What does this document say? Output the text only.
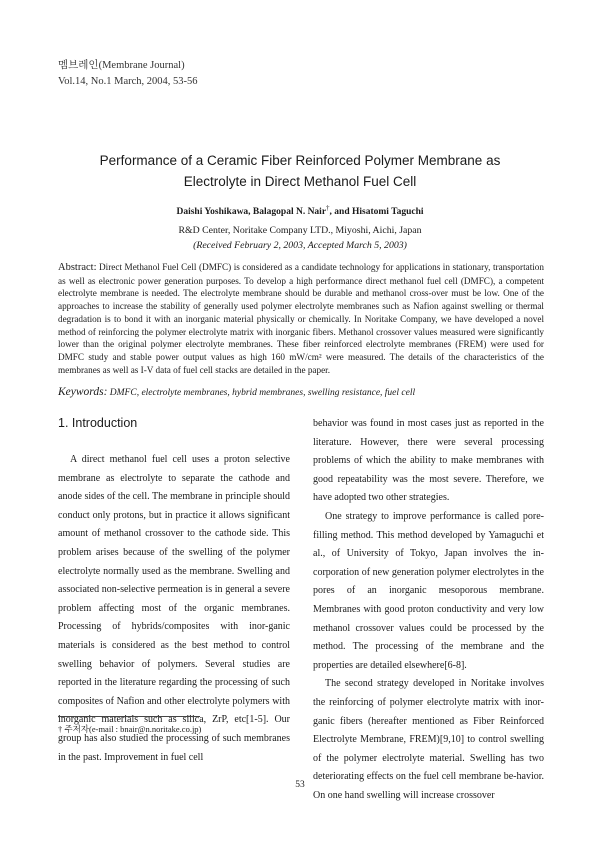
멤브레인(Membrane Journal)
Vol.14, No.1 March, 2004, 53-56
Performance of a Ceramic Fiber Reinforced Polymer Membrane as
Electrolyte in Direct Methanol Fuel Cell
Daishi Yoshikawa, Balagopal N. Nair†, and Hisatomi Taguchi
R&D Center, Noritake Company LTD., Miyoshi, Aichi, Japan
(Received February 2, 2003, Accepted March 5, 2003)
Abstract: Direct Methanol Fuel Cell (DMFC) is considered as a candidate technology for applications in stationary, transportation as well as electronic power generation purposes. To develop a high performance direct methanol fuel cell (DMFC), a competent electrolyte membrane is needed. The electrolyte membrane should be durable and methanol cross-over must be low. One of the approaches to increase the stability of generally used polymer electrolyte membranes such as Nafion against swelling or thermal degradation is to bond it with an inorganic material physically or chemically. In Noritake Company, we have developed a novel method of reinforcing the polymer electrolyte matrix with inorganic fibers. Methanol crossover values measured were significantly lower than the original polymer electrolyte membranes. These fiber reinforced electrolyte membranes (FREM) were used for DMFC study and stable power output values as high 160 mW/cm² were measured. The details of the characteristics of the membranes as well as I-V data of fuel cell stacks are detailed in the paper.
Keywords: DMFC, electrolyte membranes, hybrid membranes, swelling resistance, fuel cell
1. Introduction

A direct methanol fuel cell uses a proton selective membrane as electrolyte to separate the cathode and anode sides of the cell. The membrane in principle should conduct only protons, but in practice it allows significant amount of methanol crossover to the cathode side. This problem arises because of the swelling of the polymer electrolyte normally used as the membrane. Swelling and associated non-selective permeation is in general a severe problem affecting most of the organic membranes. Processing of hybrids/composites with inor-ganic materials is considered as the best method to control swelling behavior of polymers. Several studies are reported in the literature regarding the processing of such composites of Nafion and other electrolyte polymers with inorganic materials such as silica, ZrP, etc[1-5]. Our group has also studied the processing of such membranes in the past. Improvement in fuel cell

behavior was found in most cases just as reported in the literature. However, there were several processing problems of which the ability to make membranes with good repeatability was the most severe. Therefore, we have adopted two other strategies.

One strategy to improve performance is called pore-filling method. This method developed by Yamaguchi et al., of University of Tokyo, Japan involves the in-corporation of new generation polymer electrolytes in the pores of an inorganic mesoporous membrane. Membranes with good proton conductivity and very low methanol crossover values could be processed by the method. The processing of the membrane and the properties are detailed elsewhere[6-8].

The second strategy developed in Noritake involves the reinforcing of polymer electrolyte matrix with inor-ganic fibers (hereafter mentioned as Fiber Reinforced Electrolyte Membrane, FREM)[9,10] to control swelling of the polymer electrolyte material. Swelling has two deteriorating effects on the fuel cell membrane be-havior. On one hand swelling will increase crossover

† 주저자(e-mail : bnair@n.noritake.co.jp)
53
